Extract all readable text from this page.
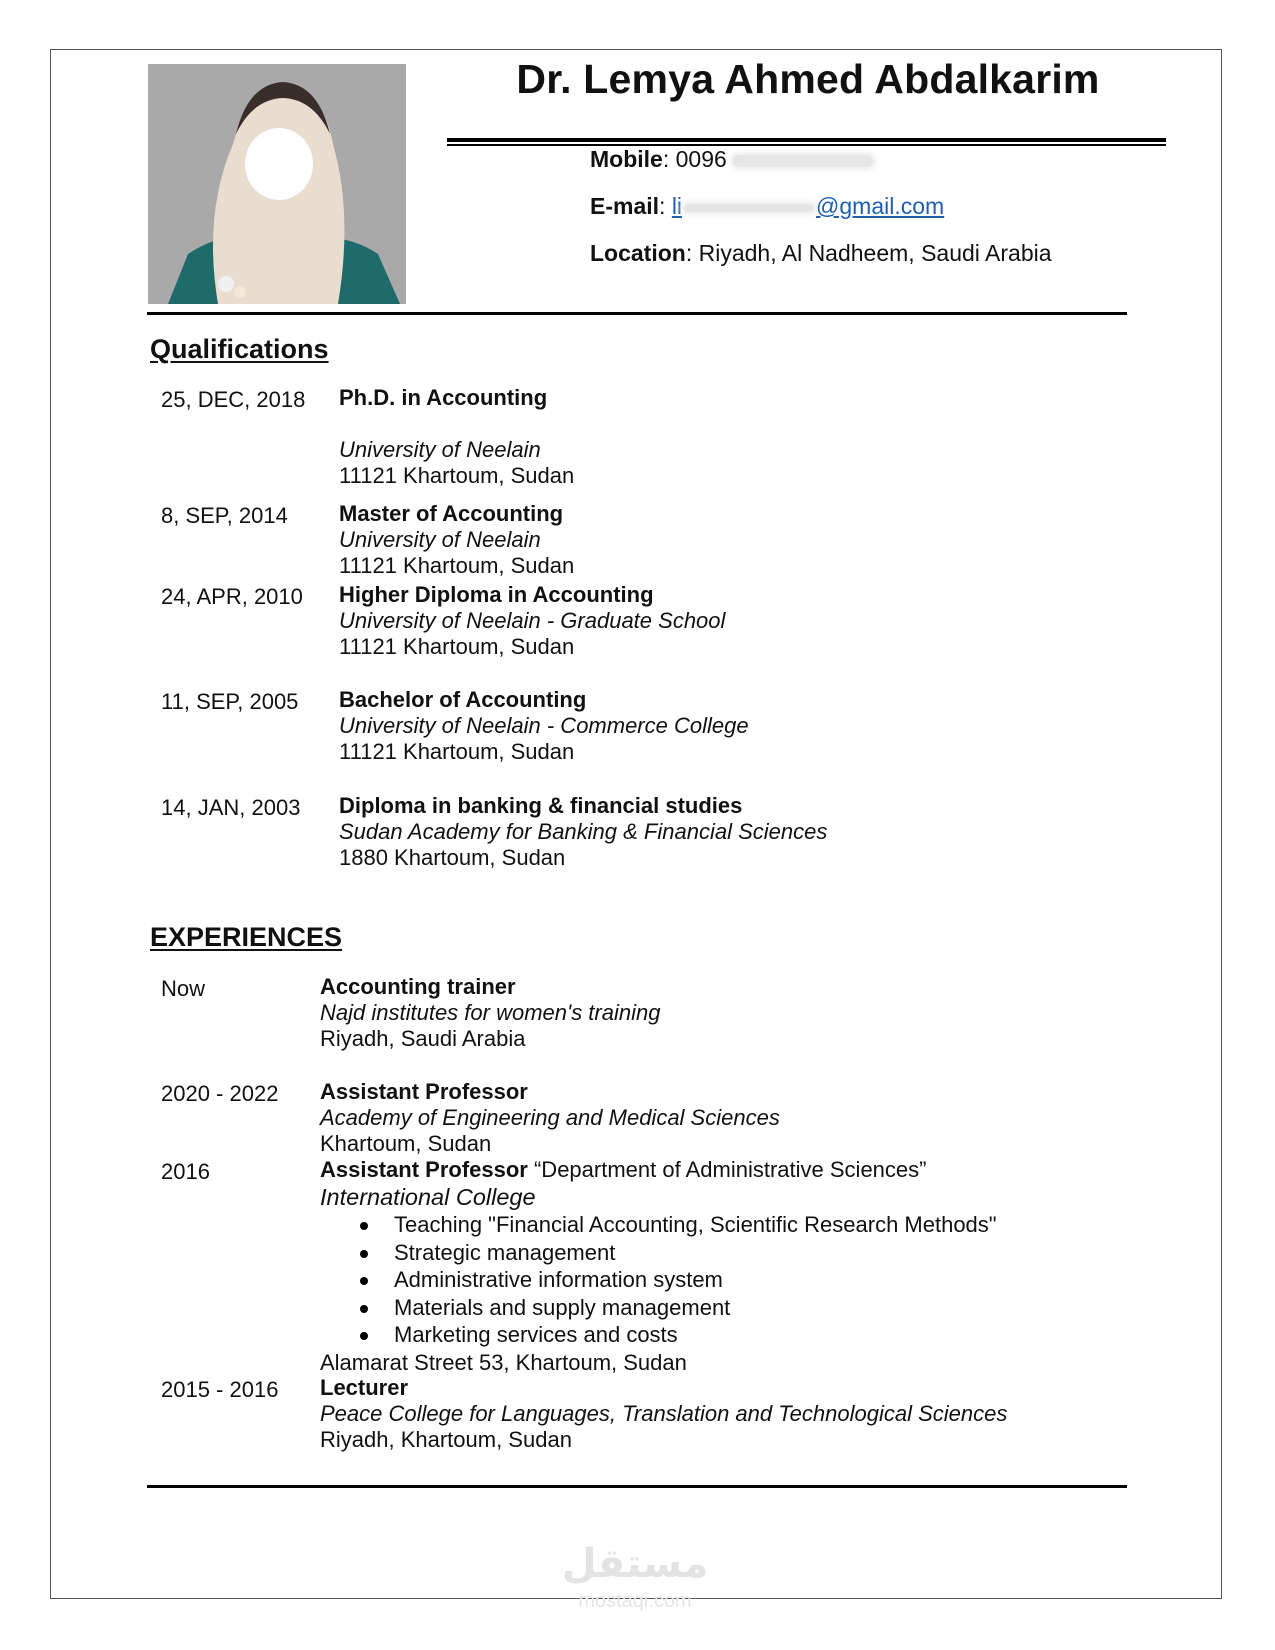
Dr. Lemya Ahmed Abdalkarim
Mobile: 0096
E-mail: li	@gmail.com
Location: Riyadh, Al Nadheem, Saudi Arabia
Qualifications
25, DEC, 2018 Ph.D. in Accounting
University of Neelain
11121 Khartoum, Sudan
8, SEP, 2014 Master of Accounting
University of Neelain
11121 Khartoum, Sudan
24, APR, 2010 Higher Diploma in Accounting
University of Neelain - Graduate School
11121 Khartoum, Sudan
11, SEP, 2005 Bachelor of Accounting
University of Neelain - Commerce College
11121 Khartoum, Sudan
14, JAN, 2003 Diploma in banking & financial studies
Sudan Academy for Banking & Financial Sciences
1880 Khartoum, Sudan
EXPERIENCES
Now	Accounting trainer
Najd institutes for women's training
Riyadh, Saudi Arabia
2020 - 2022 Assistant Professor
Academy of Engineering and Medical Sciences
Khartoum, Sudan
2016	Assistant Professor “Department of Administrative Sciences”
International College
Teaching "Financial Accounting, Scientific Research Methods"
Strategic management
Administrative information system
Materials and supply management
Marketing services and costs
Alamarat Street 53, Khartoum, Sudan
2015 - 2016 Lecturer
Peace College for Languages, Translation and Technological Sciences
Riyadh, Khartoum, Sudan
مستقل
mostaqi.com
